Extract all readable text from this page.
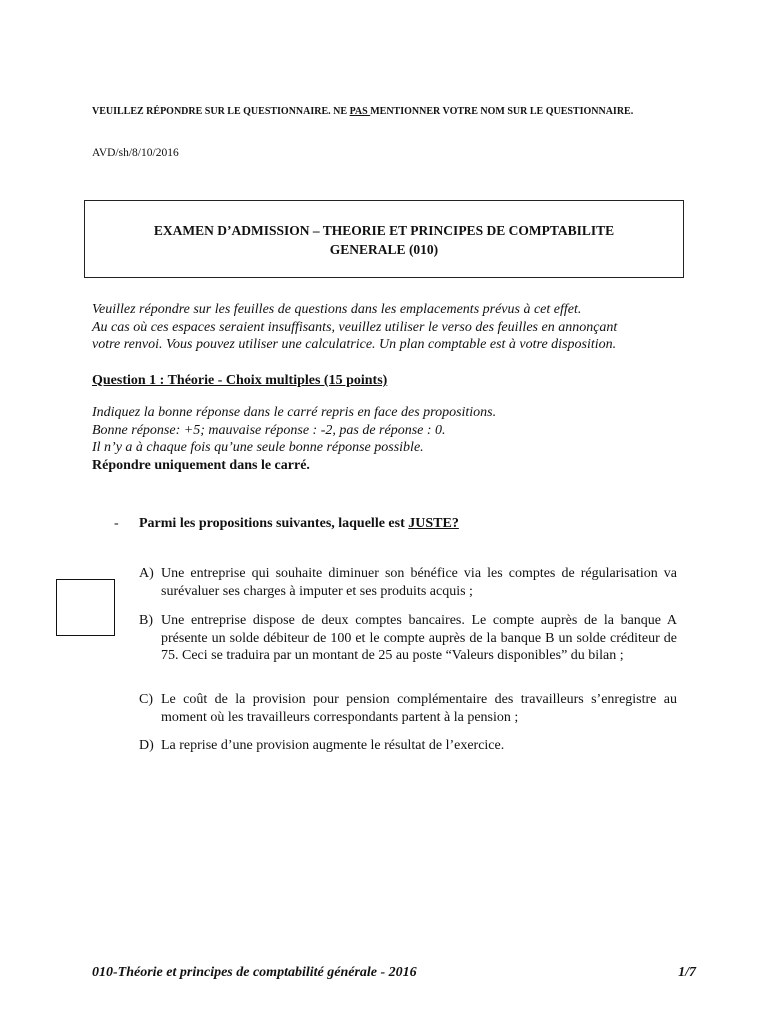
VEUILLEZ RÉPONDRE SUR LE QUESTIONNAIRE. NE PAS MENTIONNER VOTRE NOM SUR LE QUESTIONNAIRE.
AVD/sh/8/10/2016
EXAMEN D’ADMISSION – THEORIE ET PRINCIPES DE COMPTABILITE
GENERALE (010)
Veuillez répondre sur les feuilles de questions dans les emplacements prévus à cet effet.
Au cas où ces espaces seraient insuffisants, veuillez utiliser le verso des feuilles en annonçant
votre renvoi. Vous pouvez utiliser une calculatrice. Un plan comptable est à votre disposition.
Question 1 : Théorie - Choix multiples (15 points)
Indiquez la bonne réponse dans le carré repris en face des propositions.
Bonne réponse: +5; mauvaise réponse : -2, pas de réponse : 0.
Il n’y a à chaque fois qu’une seule bonne réponse possible.
Répondre uniquement dans le carré.
- Parmi les propositions suivantes, laquelle est JUSTE?
A) Une entreprise qui souhaite diminuer son bénéfice via les comptes de régularisation va surévaluer ses charges à imputer et ses produits acquis ;
B) Une entreprise dispose de deux comptes bancaires. Le compte auprès de la banque A présente un solde débiteur de 100 et le compte auprès de la banque B un solde créditeur de 75. Ceci se traduira par un montant de 25 au poste “Valeurs disponibles” du bilan ;
C) Le coût de la provision pour pension complémentaire des travailleurs s’enregistre au moment où les travailleurs correspondants partent à la pension ;
D) La reprise d’une provision augmente le résultat de l’exercice.
010-Théorie et principes de comptabilité générale - 2016	1/7
